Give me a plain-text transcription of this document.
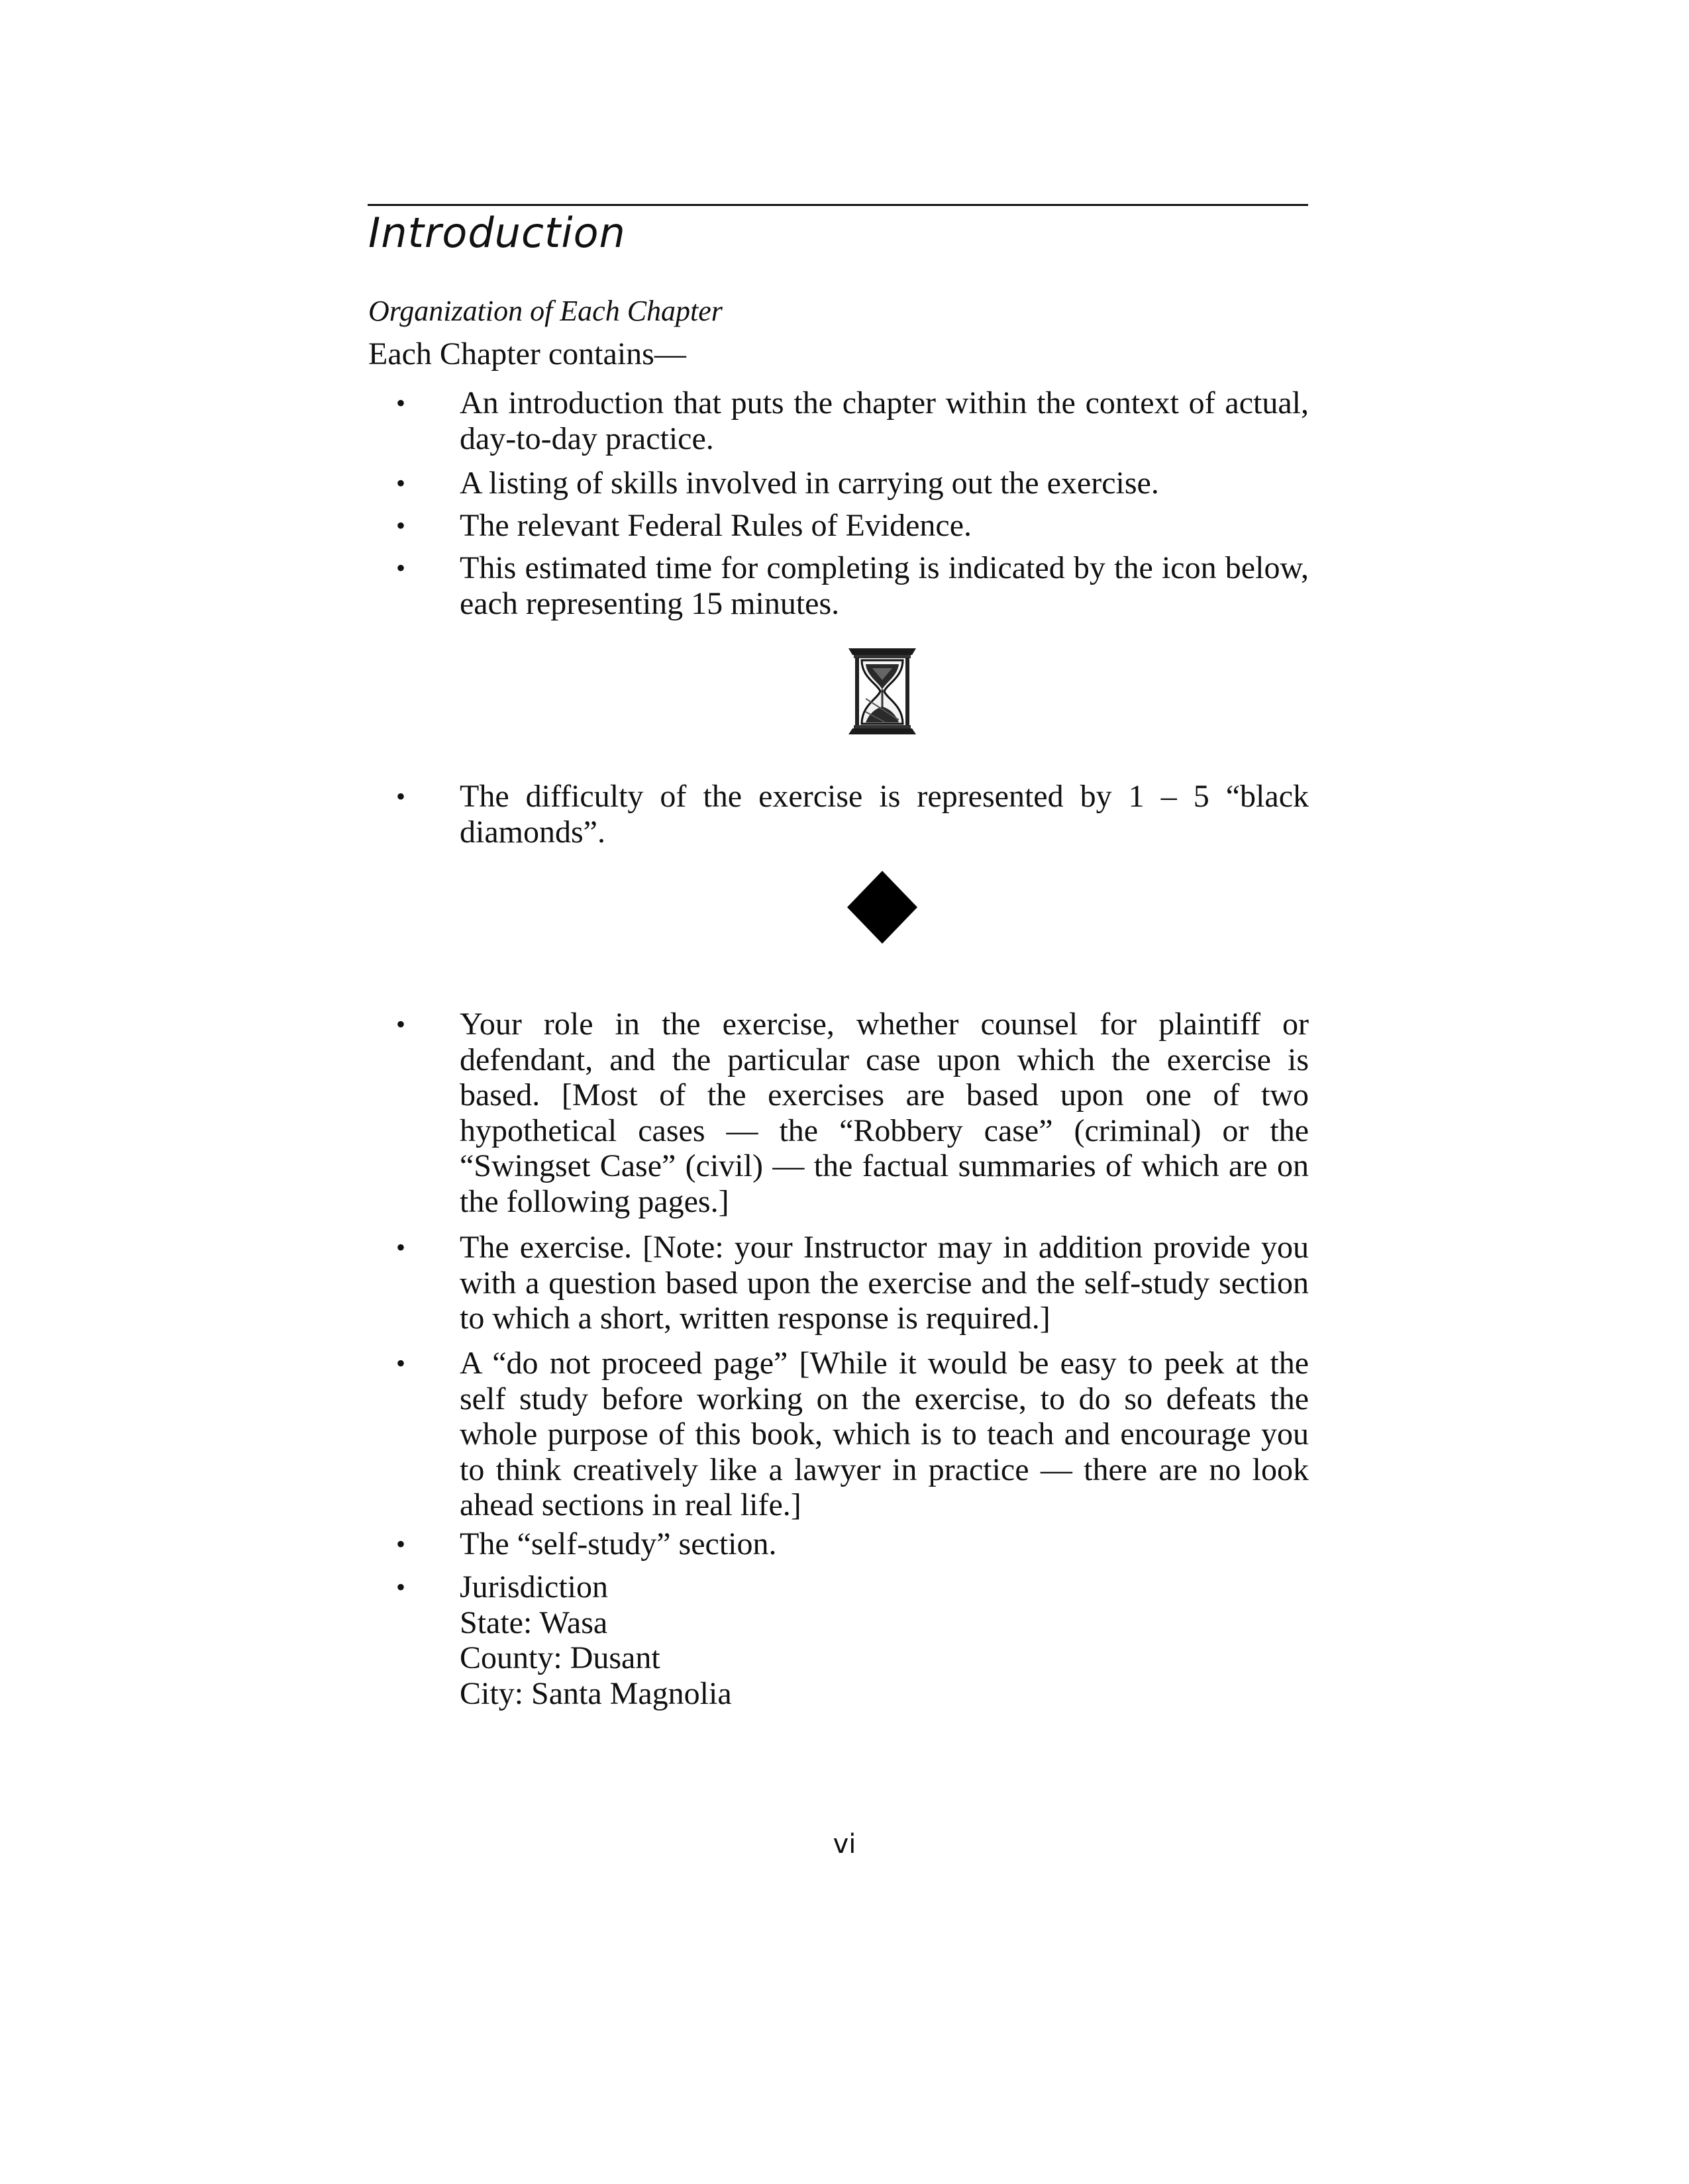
Introduction

Organization of Each Chapter

Each Chapter contains—

• An introduction that puts the chapter within the context of actual, day-to-day practice.

• A listing of skills involved in carrying out the exercise.

• The relevant Federal Rules of Evidence.

• This estimated time for completing is indicated by the icon below, each representing 15 minutes.

• The difficulty of the exercise is represented by 1 – 5 “black diamonds”.

• Your role in the exercise, whether counsel for plaintiff or defendant, and the particular case upon which the exercise is based. [Most of the exercises are based upon one of two hypothetical cases — the “Robbery case” (criminal) or the “Swingset Case” (civil) — the factual summaries of which are on the following pages.]

• The exercise. [Note: your Instructor may in addition provide you with a question based upon the exercise and the self-study section to which a short, written response is required.]

• A “do not proceed page” [While it would be easy to peek at the self study before working on the exercise, to do so defeats the whole purpose of this book, which is to teach and encourage you to think creatively like a lawyer in practice — there are no look ahead sections in real life.]

• The “self-study” section.

• Jurisdiction
State: Wasa
County: Dusant
City: Santa Magnolia
vi
